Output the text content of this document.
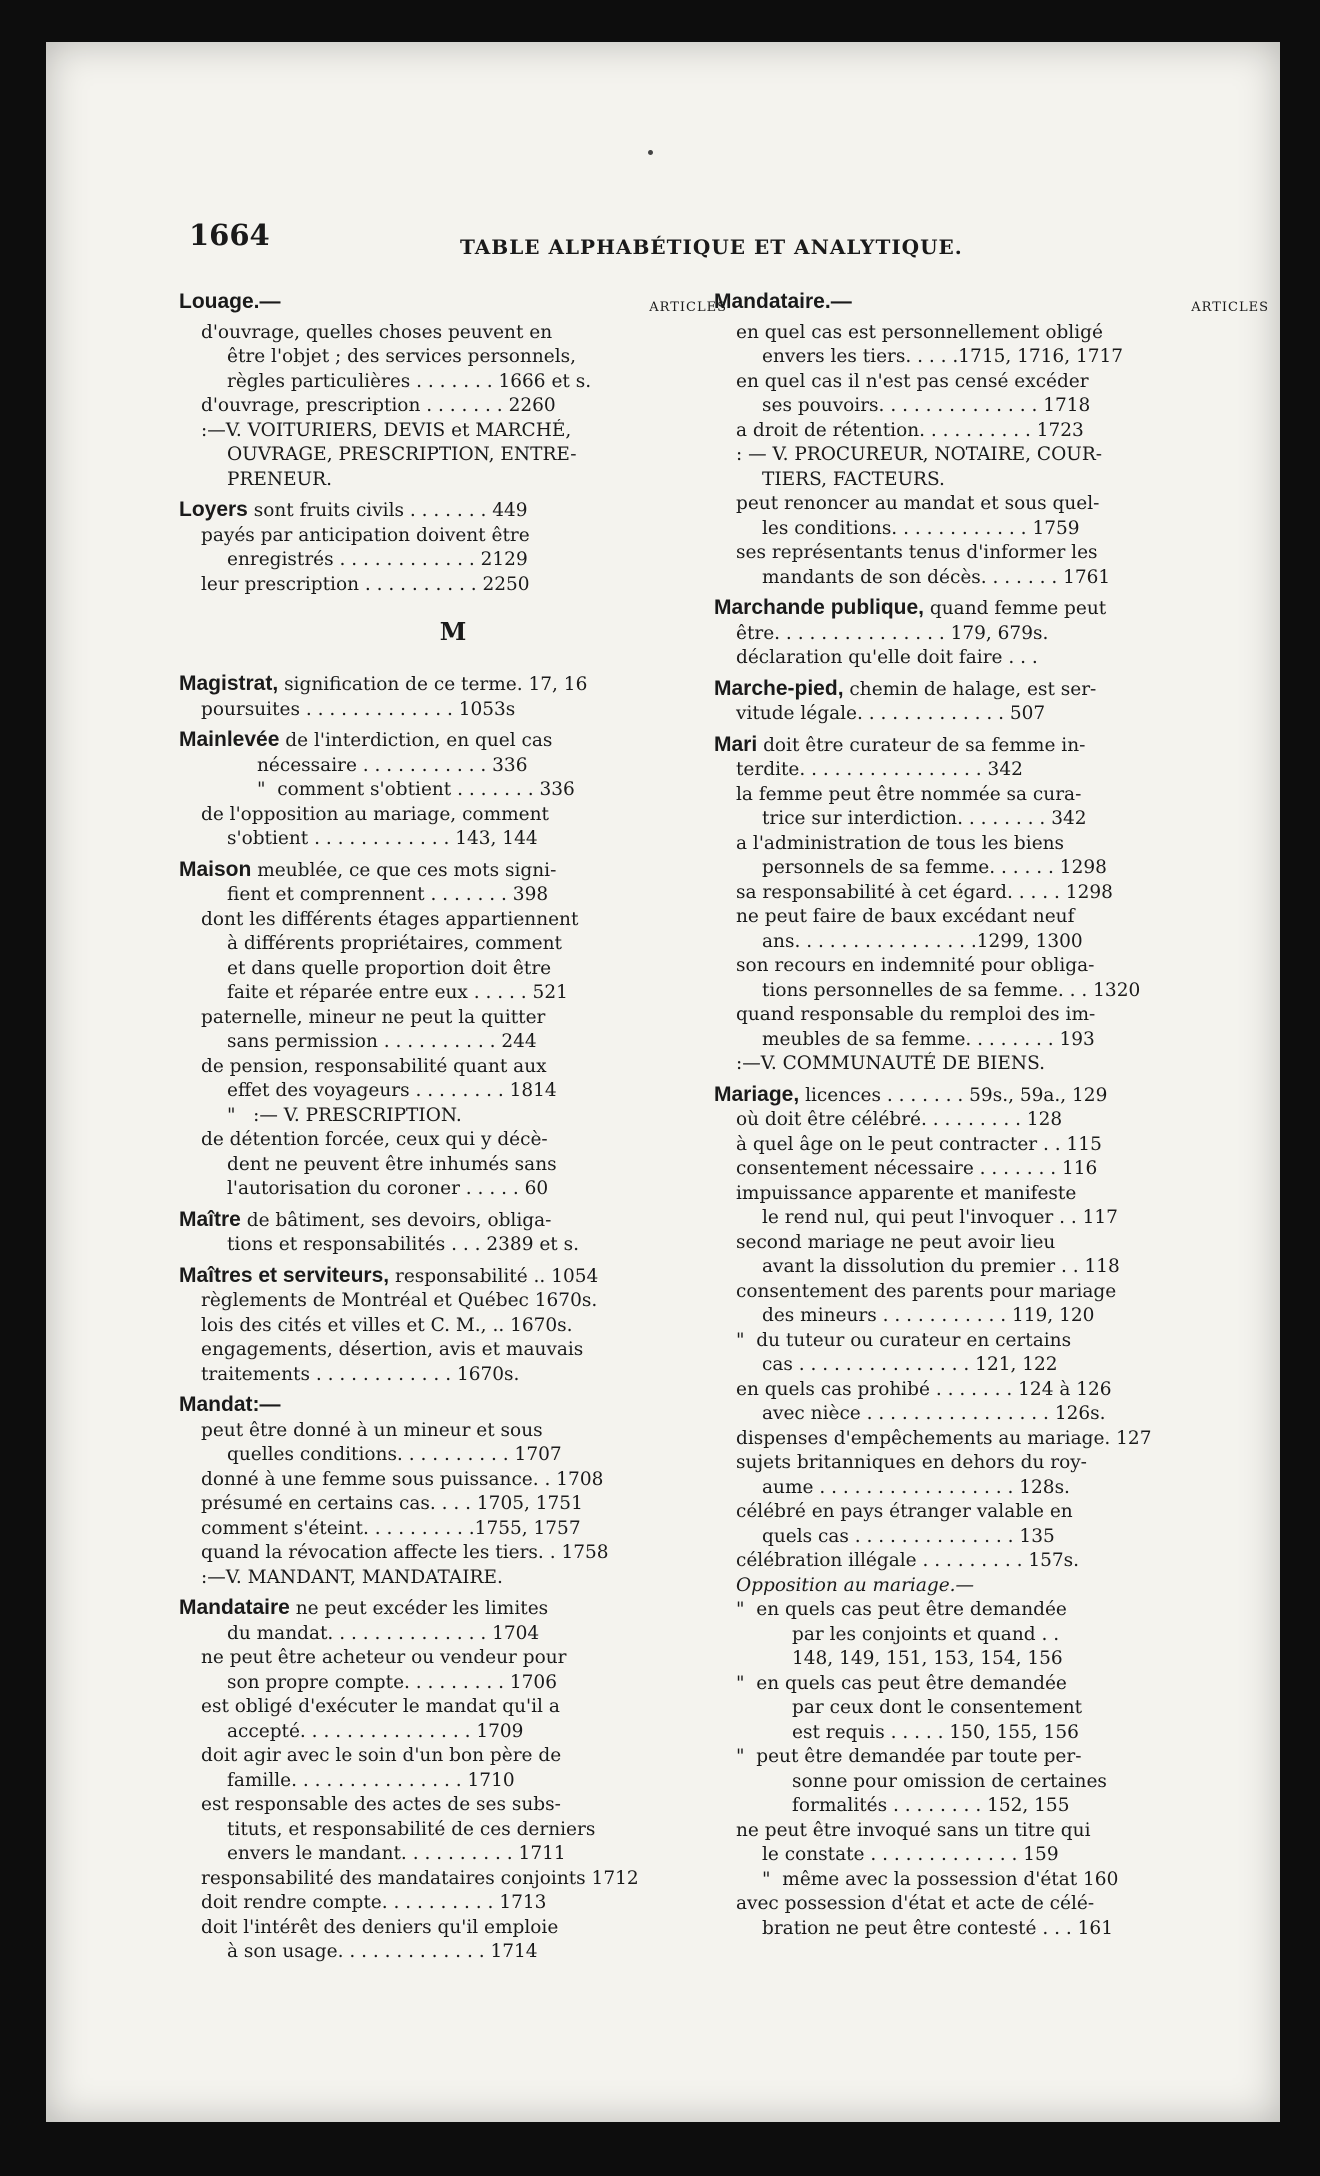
1664	TABLE ALPHABÉTIQUE ET ANALYTIQUE.
Louage.—	ARTICLES
d'ouvrage, quelles choses peuvent en
être l'objet ; des services personnels,
règles particulières . . . . . . . 1666 et s.
d'ouvrage, prescription . . . . . . . 2260
:—V. VOITURIERS, DEVIS et MARCHÉ,
OUVRAGE, PRESCRIPTION, ENTRE-
PRENEUR.
Loyers sont fruits civils . . . . . . . 449
payés par anticipation doivent être
enregistrés . . . . . . . . . . . . 2129
leur prescription . . . . . . . . . . 2250
M
Magistrat, signification de ce terme. 17, 16
poursuites . . . . . . . . . . . . . 1053s
Mainlevée de l'interdiction, en quel cas
nécessaire . . . . . . . . . . . 336
"  comment s'obtient . . . . . . . 336
de l'opposition au mariage, comment
s'obtient . . . . . . . . . . . . 143, 144
Maison meublée, ce que ces mots signi-
fient et comprennent . . . . . . . 398
dont les différents étages appartiennent
à différents propriétaires, comment
et dans quelle proportion doit être
faite et réparée entre eux . . . . . 521
paternelle, mineur ne peut la quitter
sans permission . . . . . . . . . . 244
de pension, responsabilité quant aux
effet des voyageurs . . . . . . . . 1814
"   :— V. PRESCRIPTION.
de détention forcée, ceux qui y décè-
dent ne peuvent être inhumés sans
l'autorisation du coroner . . . . . 60
Maître de bâtiment, ses devoirs, obliga-
tions et responsabilités . . . 2389 et s.
Maîtres et serviteurs, responsabilité .. 1054
règlements de Montréal et Québec 1670s.
lois des cités et villes et C. M., .. 1670s.
engagements, désertion, avis et mauvais
traitements . . . . . . . . . . . . 1670s.
Mandat:—
peut être donné à un mineur et sous
quelles conditions. . . . . . . . . . 1707
donné à une femme sous puissance. . 1708
présumé en certains cas. . . . 1705, 1751
comment s'éteint. . . . . . . . . .1755, 1757
quand la révocation affecte les tiers. . 1758
:—V. MANDANT, MANDATAIRE.
Mandataire ne peut excéder les limites
du mandat. . . . . . . . . . . . . . 1704
ne peut être acheteur ou vendeur pour
son propre compte. . . . . . . . . 1706
est obligé d'exécuter le mandat qu'il a
accepté. . . . . . . . . . . . . . . 1709
doit agir avec le soin d'un bon père de
famille. . . . . . . . . . . . . . . 1710
est responsable des actes de ses subs-
tituts, et responsabilité de ces derniers
envers le mandant. . . . . . . . . . 1711
responsabilité des mandataires conjoints 1712
doit rendre compte. . . . . . . . . . 1713
doit l'intérêt des deniers qu'il emploie
à son usage. . . . . . . . . . . . . 1714
Mandataire.—	ARTICLES
en quel cas est personnellement obligé
envers les tiers. . . . .1715, 1716, 1717
en quel cas il n'est pas censé excéder
ses pouvoirs. . . . . . . . . . . . . . 1718
a droit de rétention. . . . . . . . . . 1723
: — V. PROCUREUR, NOTAIRE, COUR-
TIERS, FACTEURS.
peut renoncer au mandat et sous quel-
les conditions. . . . . . . . . . . . 1759
ses représentants tenus d'informer les
mandants de son décès. . . . . . . 1761
Marchande publique, quand femme peut
être. . . . . . . . . . . . . . . 179, 679s.
déclaration qu'elle doit faire . . .
Marche-pied, chemin de halage, est ser-
vitude légale. . . . . . . . . . . . . 507
Mari doit être curateur de sa femme in-
terdite. . . . . . . . . . . . . . . . 342
la femme peut être nommée sa cura-
trice sur interdiction. . . . . . . . 342
a l'administration de tous les biens
personnels de sa femme. . . . . . 1298
sa responsabilité à cet égard. . . . . 1298
ne peut faire de baux excédant neuf
ans. . . . . . . . . . . . . . . .1299, 1300
son recours en indemnité pour obliga-
tions personnelles de sa femme. . . 1320
quand responsable du remploi des im-
meubles de sa femme. . . . . . . . 193
:—V. COMMUNAUTÉ DE BIENS.
Mariage, licences . . . . . . . 59s., 59a., 129
où doit être célébré. . . . . . . . . 128
à quel âge on le peut contracter . . 115
consentement nécessaire . . . . . . . 116
impuissance apparente et manifeste
le rend nul, qui peut l'invoquer . . 117
second mariage ne peut avoir lieu
avant la dissolution du premier . . 118
consentement des parents pour mariage
des mineurs . . . . . . . . . . . 119, 120
"  du tuteur ou curateur en certains
cas . . . . . . . . . . . . . . . 121, 122
en quels cas prohibé . . . . . . . 124 à 126
avec nièce . . . . . . . . . . . . . . . . 126s.
dispenses d'empêchements au mariage. 127
sujets britanniques en dehors du roy-
aume . . . . . . . . . . . . . . . . . 128s.
célébré en pays étranger valable en
quels cas . . . . . . . . . . . . . . 135
célébration illégale . . . . . . . . . 157s.
Opposition au mariage.—
"  en quels cas peut être demandée
par les conjoints et quand . .
148, 149, 151, 153, 154, 156
"  en quels cas peut être demandée
par ceux dont le consentement
est requis . . . . . 150, 155, 156
"  peut être demandée par toute per-
sonne pour omission de certaines
formalités . . . . . . . . 152, 155
ne peut être invoqué sans un titre qui
le constate . . . . . . . . . . . . . 159
"  même avec la possession d'état 160
avec possession d'état et acte de célé-
bration ne peut être contesté . . . 161
